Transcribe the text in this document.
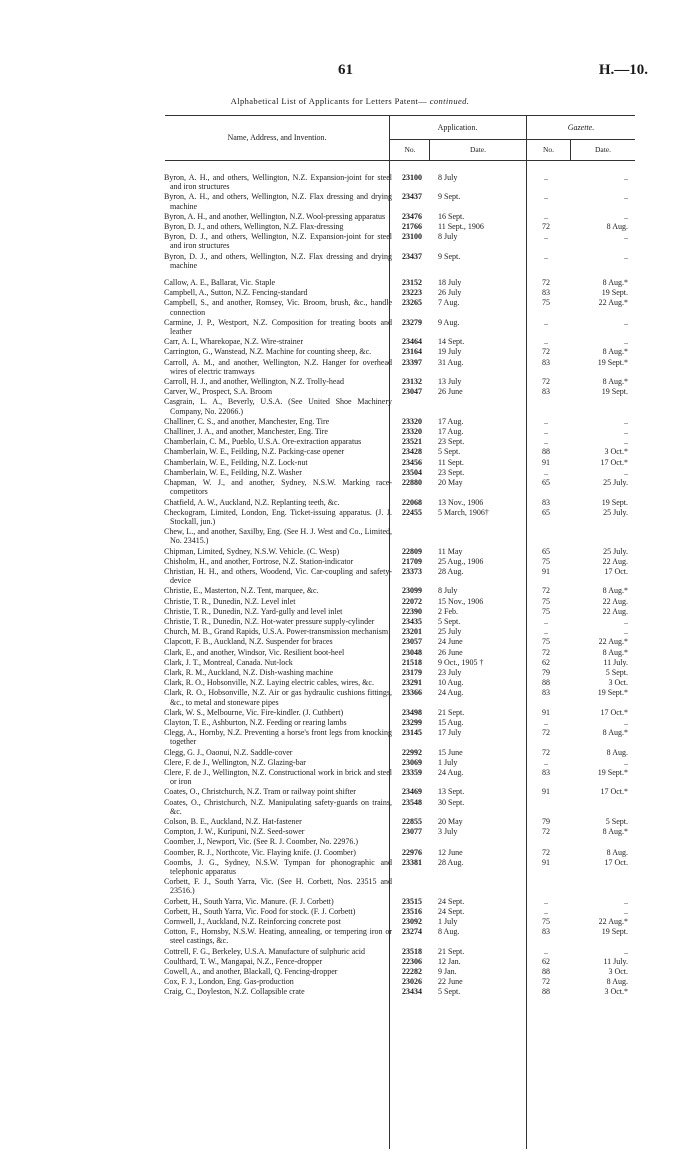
61	H.—10.
Alphabetical List of Applicants for Letters Patent— continued.
Name, Address, and Invention.
Application.	Gazette.
No.	Date.	No.	Date.
Byron, A. H., and others, Wellington, N.Z. Expansion-joint for steel and iron structures
23100	8 July	..	..
Byron, A. H., and others, Wellington, N.Z. Flax dressing and drying machine
23437	9 Sept.	..	..
Byron, A. H., and another, Wellington, N.Z. Wool-pressing apparatus	23476	16 Sept.	..	..
Byron, D. J., and others, Wellington, N.Z. Flax-dressing	21766	11 Sept., 1906	72	8 Aug.
Byron, D. J., and others, Wellington, N.Z. Expansion-joint for steel and iron structures
23100	8 July	..	..
Byron, D. J., and others, Wellington, N.Z. Flax dressing and drying machine
23437	9 Sept.	..	..
Callow, A. E., Ballarat, Vic. Staple	23152	18 July	72	8 Aug.*
Campbell, A., Sutton, N.Z. Fencing-standard	23223	26 July	83	19 Sept.
Campbell, S., and another, Romsey, Vic. Broom, brush, &c., handle connection
23265	7 Aug.	75	22 Aug.*
Carmine, J. P., Westport, N.Z. Composition for treating boots and leather
23279	9 Aug.	..	..
Carr, A. I., Wharekopae, N.Z. Wire-strainer	23464	14 Sept.	..	..
Carrington, G., Wanstead, N.Z. Machine for counting sheep, &c.	23164	19 July	72	8 Aug.*
Carroll, A. M., and another, Wellington, N.Z. Hanger for overhead wires of electric tramways
23397	31 Aug.	83	19 Sept.*
Carroll, H. J., and another, Wellington, N.Z. Trolly-head	23132	13 July	72	8 Aug.*
Carver, W., Prospect, S.A. Broom	23047	26 June	83	19 Sept.
Casgrain, L. A., Beverly, U.S.A. (See United Shoe Machinery Company, No. 22066.)
Challiner, C. S., and another, Manchester, Eng. Tire	23320	17 Aug.	..	..
Challiner, J. A., and another, Manchester, Eng. Tire	23320	17 Aug.	..	..
Chamberlain, C. M., Pueblo, U.S.A. Ore-extraction apparatus	23521	23 Sept.	..	..
Chamberlain, W. E., Feilding, N.Z. Packing-case opener	23428	5 Sept.	88	3 Oct.*
Chamberlain, W. E., Feilding, N.Z. Lock-nut	23456	11 Sept.	91	17 Oct.*
Chamberlain, W. E., Feilding, N.Z. Washer	23504	23 Sept.	..	..
Chapman, W. J., and another, Sydney, N.S.W. Marking race-competitors
22880	20 May	65	25 July.
Chatfield, A. W., Auckland, N.Z. Replanting teeth, &c.	22068	13 Nov., 1906	83	19 Sept.
Checkogram, Limited, London, Eng. Ticket-issuing apparatus. (J. J. Stockall, jun.)
22455	5 March, 1906†	65	25 July.
Chew, L., and another, Saxilby, Eng. (See H. J. West and Co., Limited, No. 23415.)
Chipman, Limited, Sydney, N.S.W. Vehicle. (C. Wesp)	22809	11 May	65	25 July.
Chisholm, H., and another, Fortrose, N.Z. Station-indicator	21709	25 Aug., 1906	75	22 Aug.
Christian, H. H., and others, Woodend, Vic. Car-coupling and safety-device
23373	28 Aug.	91	17 Oct.
Christie, E., Masterton, N.Z. Tent, marquee, &c.	23099	8 July	72	8 Aug.*
Christie, T. R., Dunedin, N.Z. Level inlet	22072	15 Nov., 1906	75	22 Aug.
Christie, T. R., Dunedin, N.Z. Yard-gully and level inlet	22390	2 Feb.	75	22 Aug.
Christie, T. R., Dunedin, N.Z. Hot-water pressure supply-cylinder	23435	5 Sept.	..	..
Church, M. B., Grand Rapids, U.S.A. Power-transmission mechanism	23201	25 July	..	..
Clapcott, F. B., Auckland, N.Z. Suspender for braces	23057	24 June	75	22 Aug.*
Clark, E., and another, Windsor, Vic. Resilient boot-heel	23048	26 June	72	8 Aug.*
Clark, J. T., Montreal, Canada. Nut-lock	21518	9 Oct., 1905 †	62	11 July.
Clark, R. M., Auckland, N.Z. Dish-washing machine	23179	23 July	79	5 Sept.
Clark, R. O., Hobsonville, N.Z. Laying electric cables, wires, &c.	23291	10 Aug.	88	3 Oct.
Clark, R. O., Hobsonville, N.Z. Air or gas hydraulic cushions fittings, &c., to metal and stoneware pipes
23366	24 Aug.	83	19 Sept.*
Clark, W. S., Melbourne, Vic. Fire-kindler. (J. Cuthbert)	23498	21 Sept.	91	17 Oct.*
Clayton, T. E., Ashburton, N.Z. Feeding or rearing lambs	23299	15 Aug.	..	..
Clegg, A., Hornby, N.Z. Preventing a horse's front legs from knocking together
23145	17 July	72	8 Aug.*
Clegg, G. J., Oaonui, N.Z. Saddle-cover	22992	15 June	72	8 Aug.
Clere, F. de J., Wellington, N.Z. Glazing-bar	23069	1 July	..	..
Clere, F. de J., Wellington, N.Z. Constructional work in brick and steel or iron
23359	24 Aug.	83	19 Sept.*
Coates, O., Christchurch, N.Z. Tram or railway point shifter	23469	13 Sept.	91	17 Oct.*
Coates, O., Christchurch, N.Z. Manipulating safety-guards on trains, &c.
23548	30 Sept.
Colson, B. E., Auckland, N.Z. Hat-fastener	22855	20 May	79	5 Sept.
Compton, J. W., Kuripuni, N.Z. Seed-sower	23077	3 July	72	8 Aug.*
Coomber, J., Newport, Vic. (See R. J. Coomber, No. 22976.)
Coomber, R. J., Northcote, Vic. Flaying knife. (J. Coomber)	22976	12 June	72	8 Aug.
Coombs, J. G., Sydney, N.S.W. Tympan for phonographic and telephonic apparatus
23381	28 Aug.	91	17 Oct.
Corbett, F. J., South Yarra, Vic. (See H. Corbett, Nos. 23515 and 23516.)
Corbett, H., South Yarra, Vic. Manure. (F. J. Corbett)	23515	24 Sept.	..	..
Corbett, H., South Yarra, Vic. Food for stock. (F. J. Corbett)	23516	24 Sept.	..	..
Cornwell, J., Auckland, N.Z. Reinforcing concrete post	23092	1 July	75	22 Aug.*
Cotton, F., Hornsby, N.S.W. Heating, annealing, or tempering iron or steel castings, &c.
23274	8 Aug.	83	19 Sept.
Cottrell, F. G., Berkeley, U.S.A. Manufacture of sulphuric acid	23518	21 Sept.	..	..
Coulthard, T. W., Mangapai, N.Z., Fence-dropper	22306	12 Jan.	62	11 July.
Cowell, A., and another, Blackall, Q. Fencing-dropper	22282	9 Jan.	88	3 Oct.
Cox, F. J., London, Eng. Gas-production	23026	22 June	72	8 Aug.
Craig, C., Doyleston, N.Z. Collapsible crate	23434	5 Sept.	88	3 Oct.*
